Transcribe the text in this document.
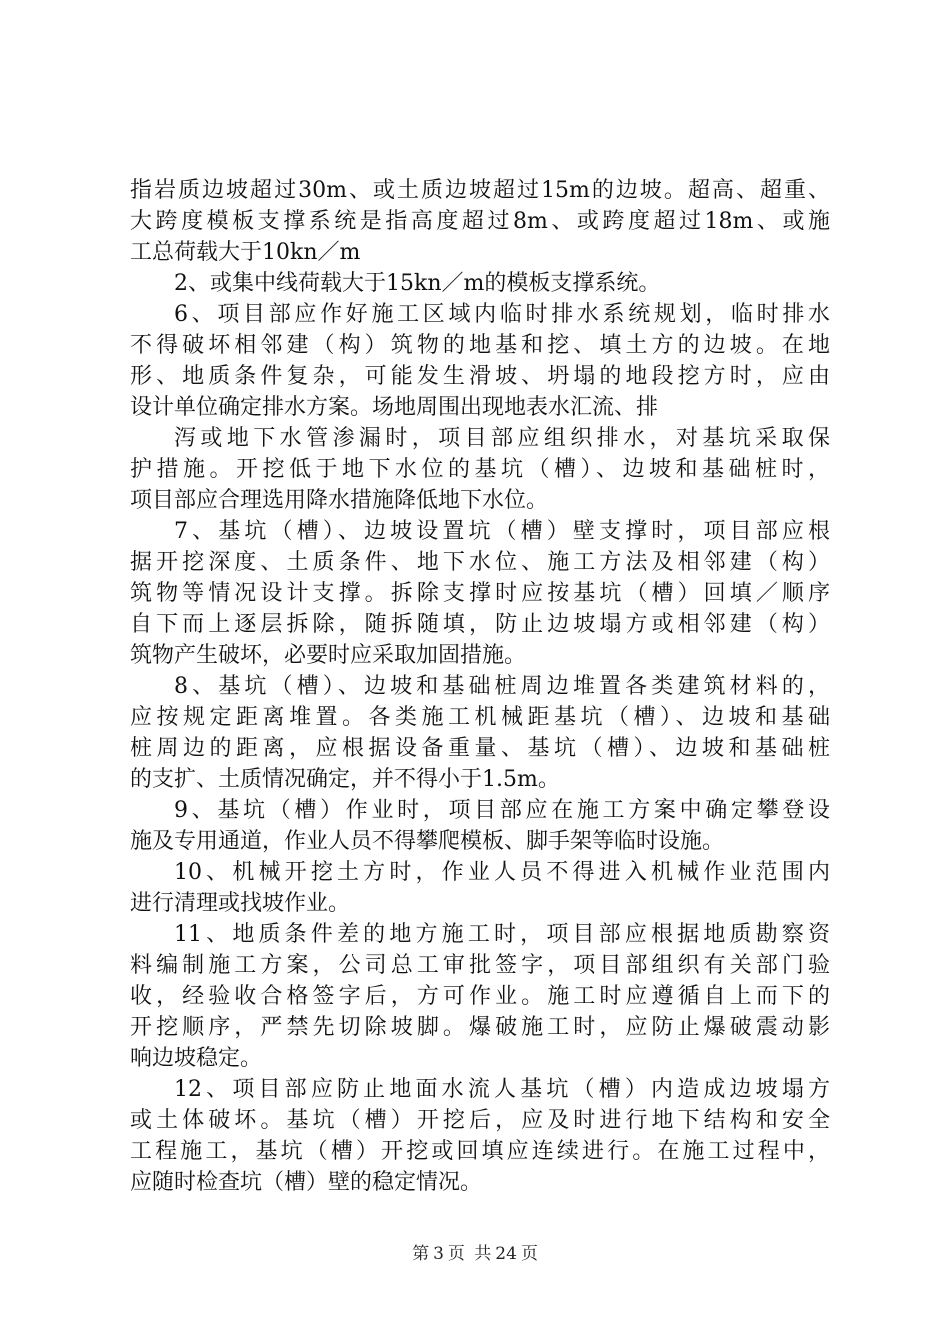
指岩质边坡超过30m、或土质边坡超过15m的边坡。超高、超重、
大跨度模板支撑系统是指高度超过8m、或跨度超过18m、或施
工总荷载大于10kn／m
2、或集中线荷载大于15kn／m的模板支撑系统。
6、项目部应作好施工区域内临时排水系统规划，临时排水
不得破坏相邻建（构）筑物的地基和挖、填土方的边坡。在地
形、地质条件复杂，可能发生滑坡、坍塌的地段挖方时，应由
设计单位确定排水方案。场地周围出现地表水汇流、排
泻或地下水管渗漏时，项目部应组织排水，对基坑采取保
护措施。开挖低于地下水位的基坑（槽）、边坡和基础桩时，
项目部应合理选用降水措施降低地下水位。
7、基坑（槽）、边坡设置坑（槽）壁支撑时，项目部应根
据开挖深度、土质条件、地下水位、施工方法及相邻建（构）
筑物等情况设计支撑。拆除支撑时应按基坑（槽）回填／顺序
自下而上逐层拆除，随拆随填，防止边坡塌方或相邻建（构）
筑物产生破坏，必要时应采取加固措施。
8、基坑（槽）、边坡和基础桩周边堆置各类建筑材料的，
应按规定距离堆置。各类施工机械距基坑（槽）、边坡和基础
桩周边的距离，应根据设备重量、基坑（槽）、边坡和基础桩
的支扩、土质情况确定，并不得小于1.5m。
9、基坑（槽）作业时，项目部应在施工方案中确定攀登设
施及专用通道，作业人员不得攀爬模板、脚手架等临时设施。
10、机械开挖土方时，作业人员不得进入机械作业范围内
进行清理或找坡作业。
11、地质条件差的地方施工时，项目部应根据地质勘察资
料编制施工方案，公司总工审批签字，项目部组织有关部门验
收，经验收合格签字后，方可作业。施工时应遵循自上而下的
开挖顺序，严禁先切除坡脚。爆破施工时，应防止爆破震动影
响边坡稳定。
12、项目部应防止地面水流人基坑（槽）内造成边坡塌方
或土体破坏。基坑（槽）开挖后，应及时进行地下结构和安全
工程施工，基坑（槽）开挖或回填应连续进行。在施工过程中，
应随时检查坑（槽）壁的稳定情况。
第 3 页 共 24 页
